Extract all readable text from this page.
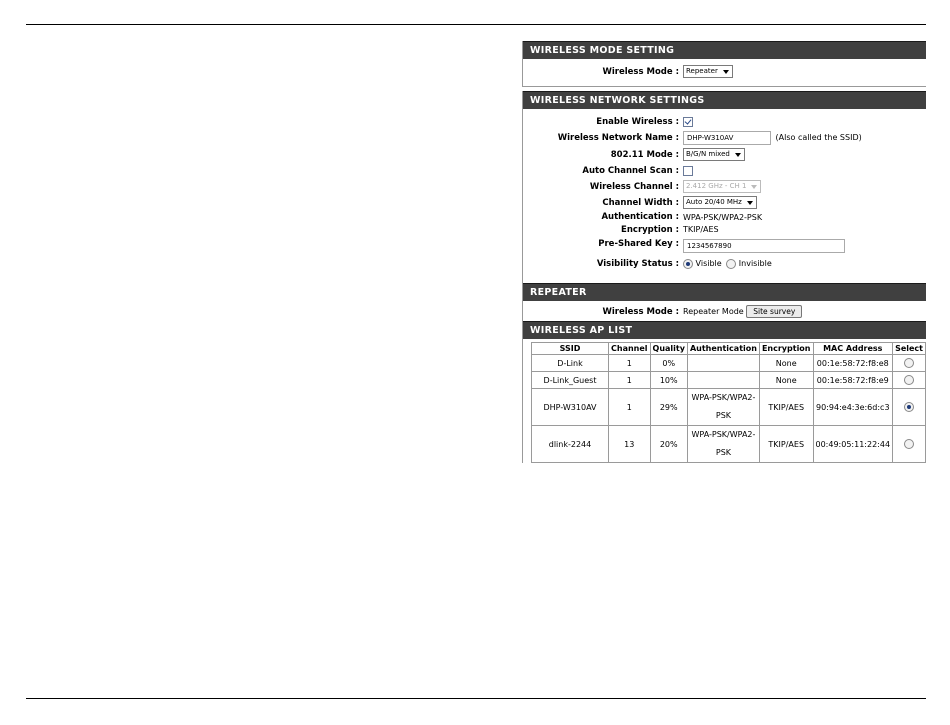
WIRELESS MODE SETTING
Wireless Mode :	Repeater
WIRELESS NETWORK SETTINGS
Enable Wireless :
Wireless Network Name :	DHP-W310AV	(Also called the SSID)
802.11 Mode :	B/G/N mixed
Auto Channel Scan :
Wireless Channel :	2.412 GHz - CH 1
Channel Width :	Auto 20/40 MHz
Authentication : WPA-PSK/WPA2-PSK
Encryption : TKIP/AES
Pre-Shared Key :	1234567890
Visibility Status :	Visible Invisible
REPEATER
Wireless Mode : Repeater Mode Site survey
WIRELESS AP LIST
SSID	Channel	Quality	Authentication	Encryption	MAC Address	Select
D-Link	1	0%		None	00:1e:58:72:f8:e8	
D-Link_Guest	1	10%		None	00:1e:58:72:f8:e9	
DHP-W310AV	1	29%	WPA-PSK/WPA2-PSK	TKIP/AES	90:94:e4:3e:6d:c3	
dlink-2244	13	20%	WPA-PSK/WPA2-PSK	TKIP/AES	00:49:05:11:22:44	
